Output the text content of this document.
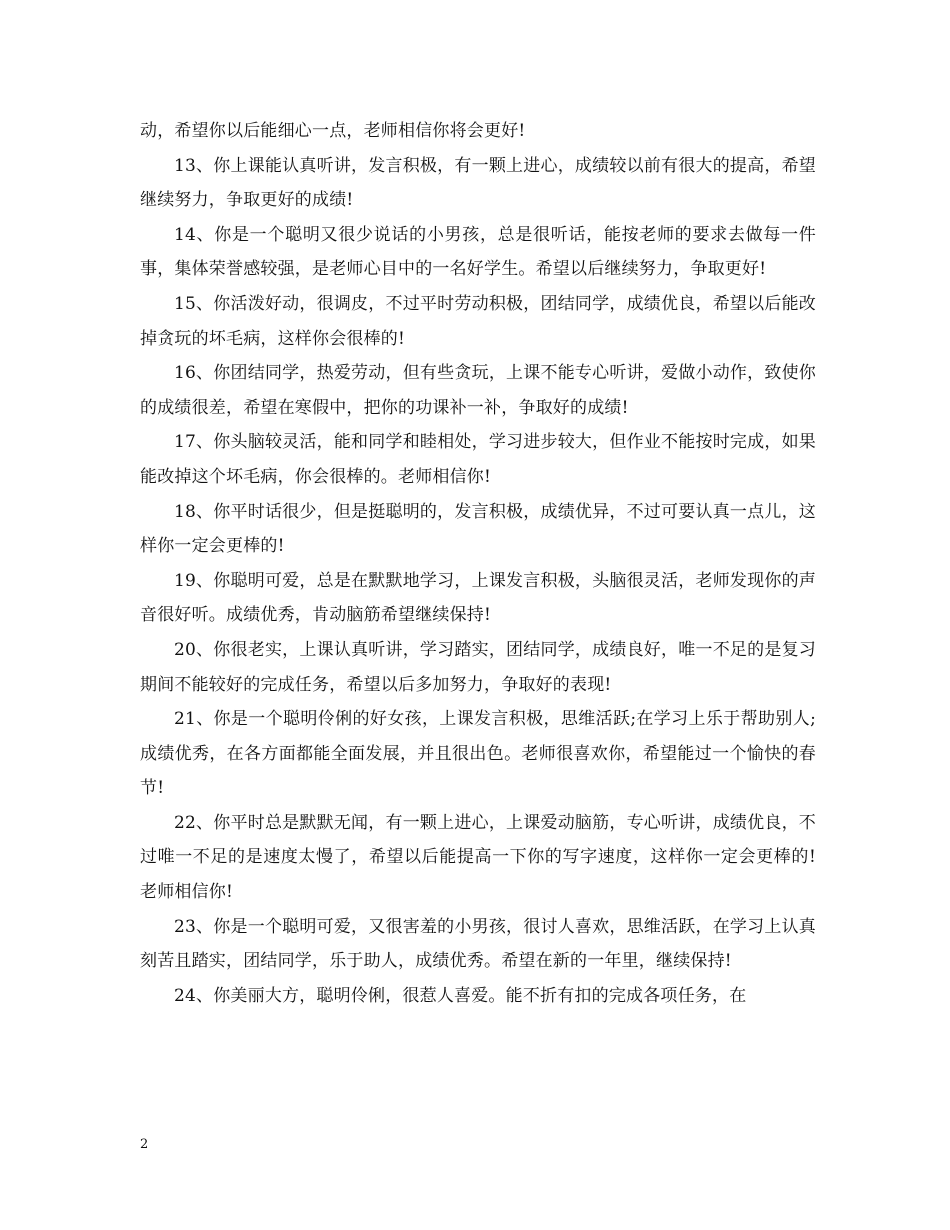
动，希望你以后能细心一点，老师相信你将会更好!

13、你上课能认真听讲，发言积极，有一颗上进心，成绩较以前有很大的提高，希望继续努力，争取更好的成绩!

14、你是一个聪明又很少说话的小男孩，总是很听话，能按老师的要求去做每一件事，集体荣誉感较强，是老师心目中的一名好学生。希望以后继续努力，争取更好!

15、你活泼好动，很调皮，不过平时劳动积极，团结同学，成绩优良，希望以后能改掉贪玩的坏毛病，这样你会很棒的!

16、你团结同学，热爱劳动，但有些贪玩，上课不能专心听讲，爱做小动作，致使你的成绩很差，希望在寒假中，把你的功课补一补，争取好的成绩!

17、你头脑较灵活，能和同学和睦相处，学习进步较大，但作业不能按时完成，如果能改掉这个坏毛病，你会很棒的。老师相信你!

18、你平时话很少，但是挺聪明的，发言积极，成绩优异，不过可要认真一点儿，这样你一定会更棒的!

19、你聪明可爱，总是在默默地学习，上课发言积极，头脑很灵活，老师发现你的声音很好听。成绩优秀，肯动脑筋希望继续保持!

20、你很老实，上课认真听讲，学习踏实，团结同学，成绩良好，唯一不足的是复习期间不能较好的完成任务，希望以后多加努力，争取好的表现!

21、你是一个聪明伶俐的好女孩，上课发言积极，思维活跃;在学习上乐于帮助别人;成绩优秀，在各方面都能全面发展，并且很出色。老师很喜欢你，希望能过一个愉快的春节!

22、你平时总是默默无闻，有一颗上进心，上课爱动脑筋，专心听讲，成绩优良，不过唯一不足的是速度太慢了，希望以后能提高一下你的写字速度，这样你一定会更棒的!老师相信你!

23、你是一个聪明可爱，又很害羞的小男孩，很讨人喜欢，思维活跃，在学习上认真刻苦且踏实，团结同学，乐于助人，成绩优秀。希望在新的一年里，继续保持!

24、你美丽大方，聪明伶俐，很惹人喜爱。能不折有扣的完成各项任务，在

2
